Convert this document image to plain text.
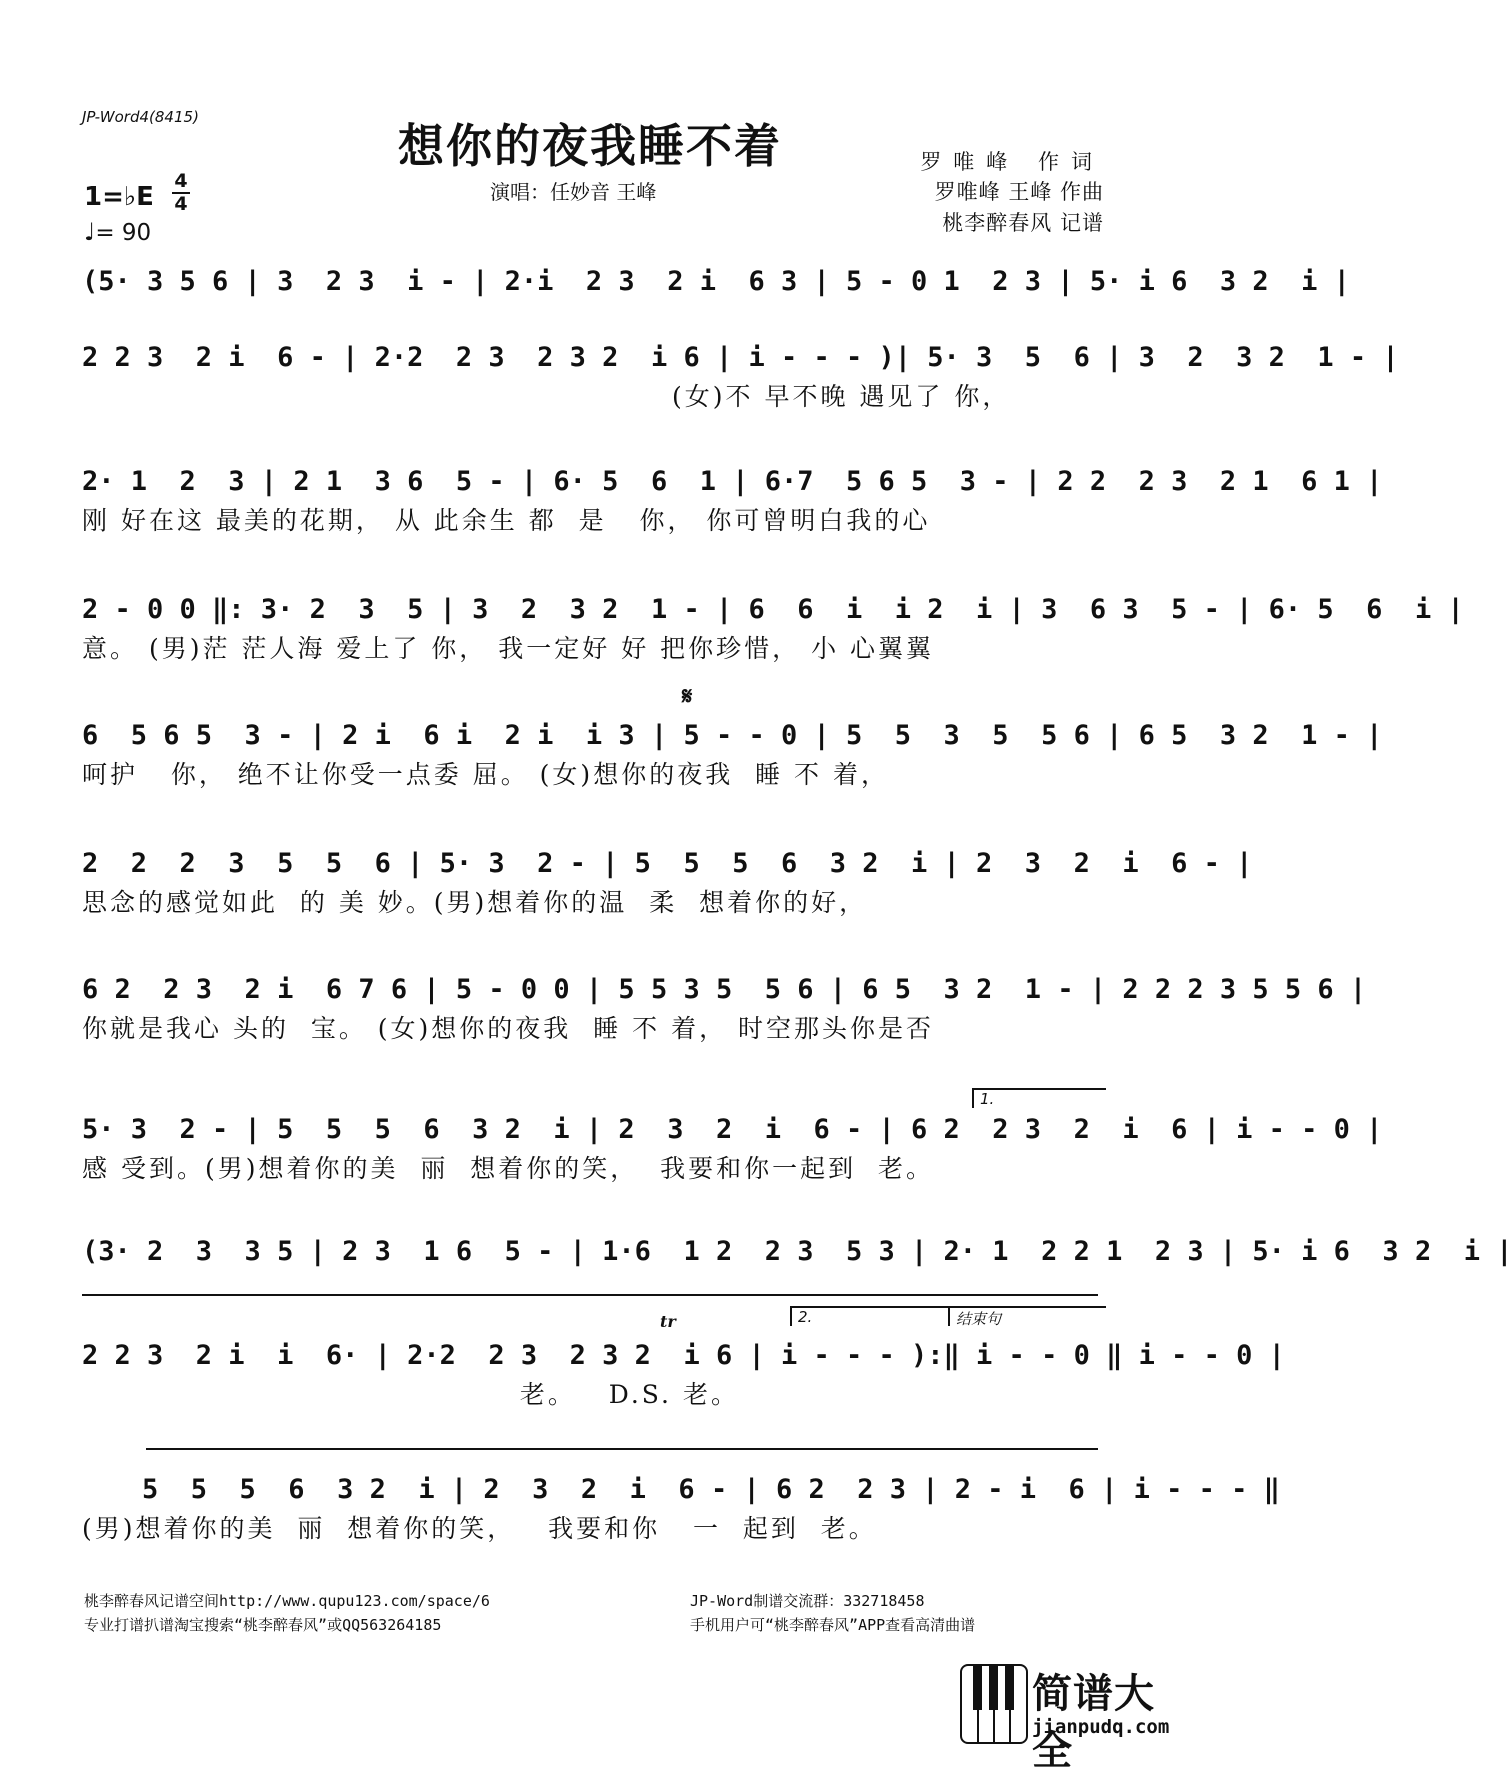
JP-Word4(8415)
想你的夜我睡不着
演唱：任妙音 王峰
罗唯峰 作词
罗唯峰 王峰 作曲
桃李醉春风 记谱
1=♭E
4
4
♩= 90
(5· 3 5 6 | 3  2 3  i - | 2·i  2 3  2 i  6 3 | 5 - 0 1  2 3 | 5· i 6  3 2  i |
2 2 3  2 i  6 - | 2·2  2 3  2 3 2  i 6 | i - - - )| 5· 3  5  6 | 3  2  3 2  1 - |
(女)不 早不晚 遇见了 你，
2· 1  2  3 | 2 1  3 6  5 - | 6· 5  6  1 | 6·7  5 6 5  3 - | 2 2  2 3  2 1  6 1 |
刚 好在这 最美的花期， 从 此余生 都  是   你， 你可曾明白我的心
2 - 0 0 ‖: 3· 2  3  5 | 3  2  3 2  1 - | 6  6  i  i 2  i | 3  6 3  5 - | 6· 5  6  i |
意。 (男)茫 茫人海 爱上了 你， 我一定好 好 把你珍惜， 小 心翼翼
𝄋
6  5 6 5  3 - | 2 i  6 i  2 i  i 3 | 5 - - 0 | 5  5  3  5  5 6 | 6 5  3 2  1 - |
呵护   你， 绝不让你受一点委 屈。 (女)想你的夜我  睡 不 着，
2  2  2  3  5  5  6 | 5· 3  2 - | 5  5  5  6  3 2  i | 2  3  2  i  6 - |
思念的感觉如此  的 美 妙。(男)想着你的温  柔  想着你的好，
6 2  2 3  2 i  6 7 6 | 5 - 0 0 | 5 5 3 5  5 6 | 6 5  3 2  1 - | 2 2 2 3 5 5 6 |
你就是我心 头的  宝。 (女)想你的夜我  睡 不 着， 时空那头你是否
1.
5· 3  2 - | 5  5  5  6  3 2  i | 2  3  2  i  6 - | 6 2  2 3  2  i  6 | i - - 0 |
感 受到。(男)想着你的美  丽  想着你的笑，  我要和你一起到  老。
(3· 2  3  3 5 | 2 3  1 6  5 - | 1·6  1 2  2 3  5 3 | 2· 1  2 2 1  2 3 | 5· i 6  3 2  i |
tr	2.	结束句
2 2 3  2 i  i  6· | 2·2  2 3  2 3 2  i 6 | i - - - ):‖ i - - 0 ‖ i - - 0 |
老。   D.S. 老。
5  5  5  6  3 2  i | 2  3  2  i  6 - | 6 2  2 3 | 2 - i  6 | i - - - ‖
(男)想着你的美  丽  想着你的笑，   我要和你   一  起到  老。
桃李醉春风记谱空间http://www.qupu123.com/space/6
专业打谱扒谱淘宝搜索“桃李醉春风”或QQ563264185
JP-Word制谱交流群：332718458
手机用户可“桃李醉春风”APP查看高清曲谱
简谱大全
jianpudq.com
